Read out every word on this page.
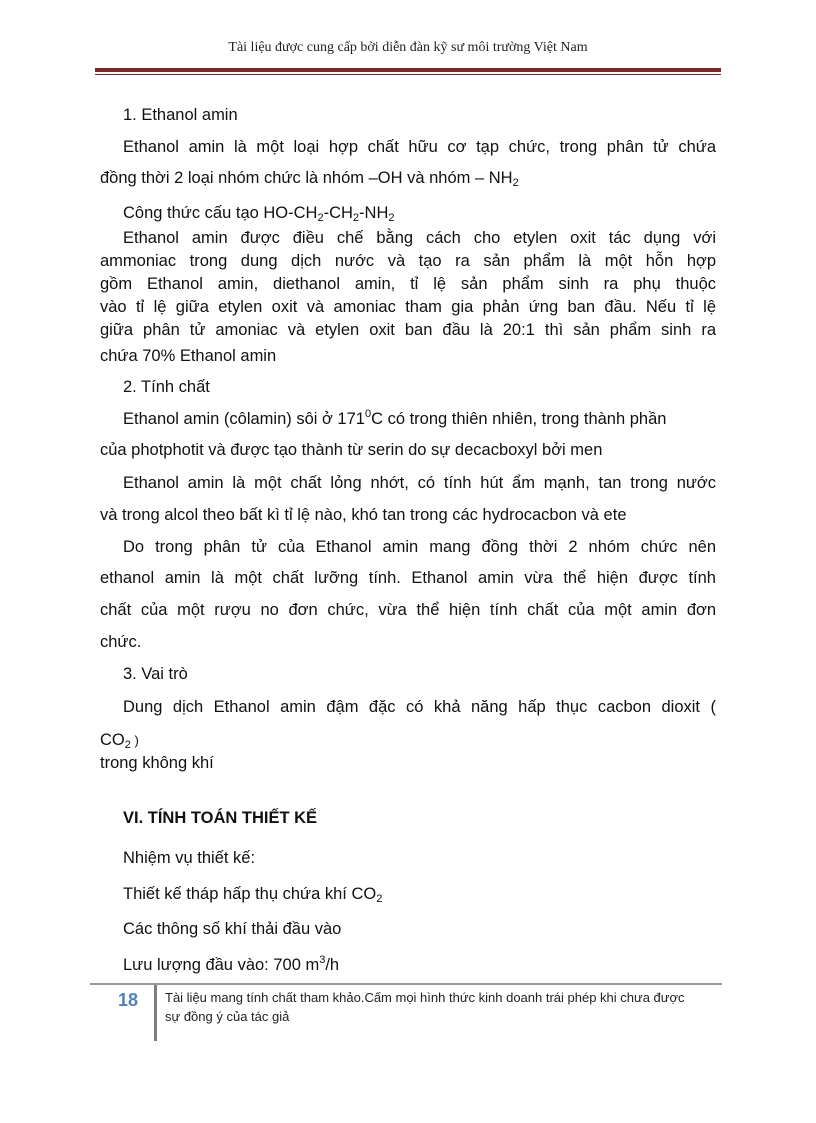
Tài liệu được cung cấp bởi diễn đàn kỹ sư môi trường Việt Nam
1. Ethanol amin
Ethanol amin là một loại hợp chất hữu cơ tạp chức, trong phân tử chứa
đồng thời 2 loại nhóm chức là nhóm –OH và nhóm – $NH_2$
Công thức cấu tạo $HO-CH_2-CH_2-NH_2$
Ethanol amin được điều chế bằng cách cho etylen oxit tác dụng với
ammoniac trong dung dịch nước và tạo ra sản phẩm là một hỗn hợp
gồm Ethanol amin, diethanol amin, tỉ lệ sản phẩm sinh ra phụ thuộc
vào tỉ lệ giữa etylen oxit và amoniac tham gia phản ứng ban đầu. Nếu tỉ lệ
giữa phân tử amoniac và etylen oxit ban đầu là 20:1 thì sản phẩm sinh ra
chứa 70% Ethanol amin
2. Tính chất
Ethanol amin (côlamin) sôi ở $171^0C$ có trong thiên nhiên, trong thành phần
của photphotit và được tạo thành từ serin do sự decacboxyl bởi men
Ethanol amin là một chất lỏng nhớt, có tính hút ẩm mạnh, tan trong nước
và trong alcol theo bất kì tỉ lệ nào, khó tan trong các hydrocacbon và ete
Do trong phân tử của Ethanol amin mang đồng thời 2 nhóm chức nên
ethanol amin là một chất lưỡng tính. Ethanol amin vừa thể hiện được tính
chất của một rượu no đơn chức, vừa thể hiện tính chất của một amin đơn
chức.
3. Vai trò
Dung dịch Ethanol amin đậm đặc có khả năng hấp thục cacbon dioxit (
$CO_2$ )
trong không khí
VI. TÍNH TOÁN THIẾT KẾ
Nhiệm vụ thiết kế:
Thiết kế tháp hấp thụ chứa khí $CO_2$
Các thông số khí thải đầu vào
Lưu lượng đầu vào: 700 $m^3/h$
18 Tài liệu mang tính chất tham khảo.Cấm mọi hình thức kinh doanh trái phép khi chưa được
sự đồng ý của tác giả
